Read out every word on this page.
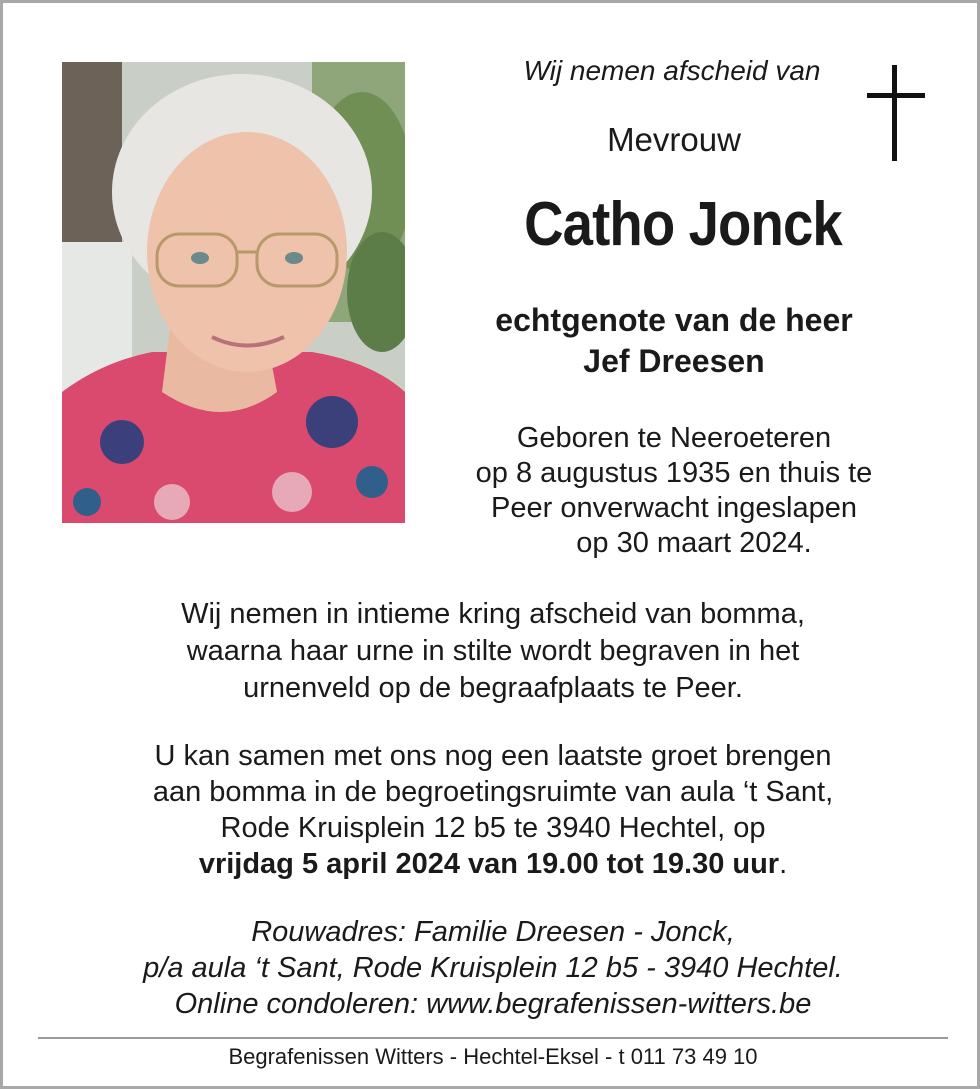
Wij nemen afscheid van
Mevrouw
Catho Jonck
echtgenote van de heer
Jef Dreesen
Geboren te Neeroeteren
op 8 augustus 1935 en thuis te
Peer onverwacht ingeslapen
op 30 maart 2024.
Wij nemen in intieme kring afscheid van bomma,
waarna haar urne in stilte wordt begraven in het
urnenveld op de begraafplaats te Peer.
U kan samen met ons nog een laatste groet brengen
aan bomma in de begroetingsruimte van aula ‘t Sant,
Rode Kruisplein 12 b5 te 3940 Hechtel, op
vrijdag 5 april 2024 van 19.00 tot 19.30 uur.
Rouwadres: Familie Dreesen - Jonck,
p/a aula ‘t Sant, Rode Kruisplein 12 b5 - 3940 Hechtel.
Online condoleren: www.begrafenissen-witters.be
Begrafenissen Witters - Hechtel-Eksel - t 011 73 49 10
